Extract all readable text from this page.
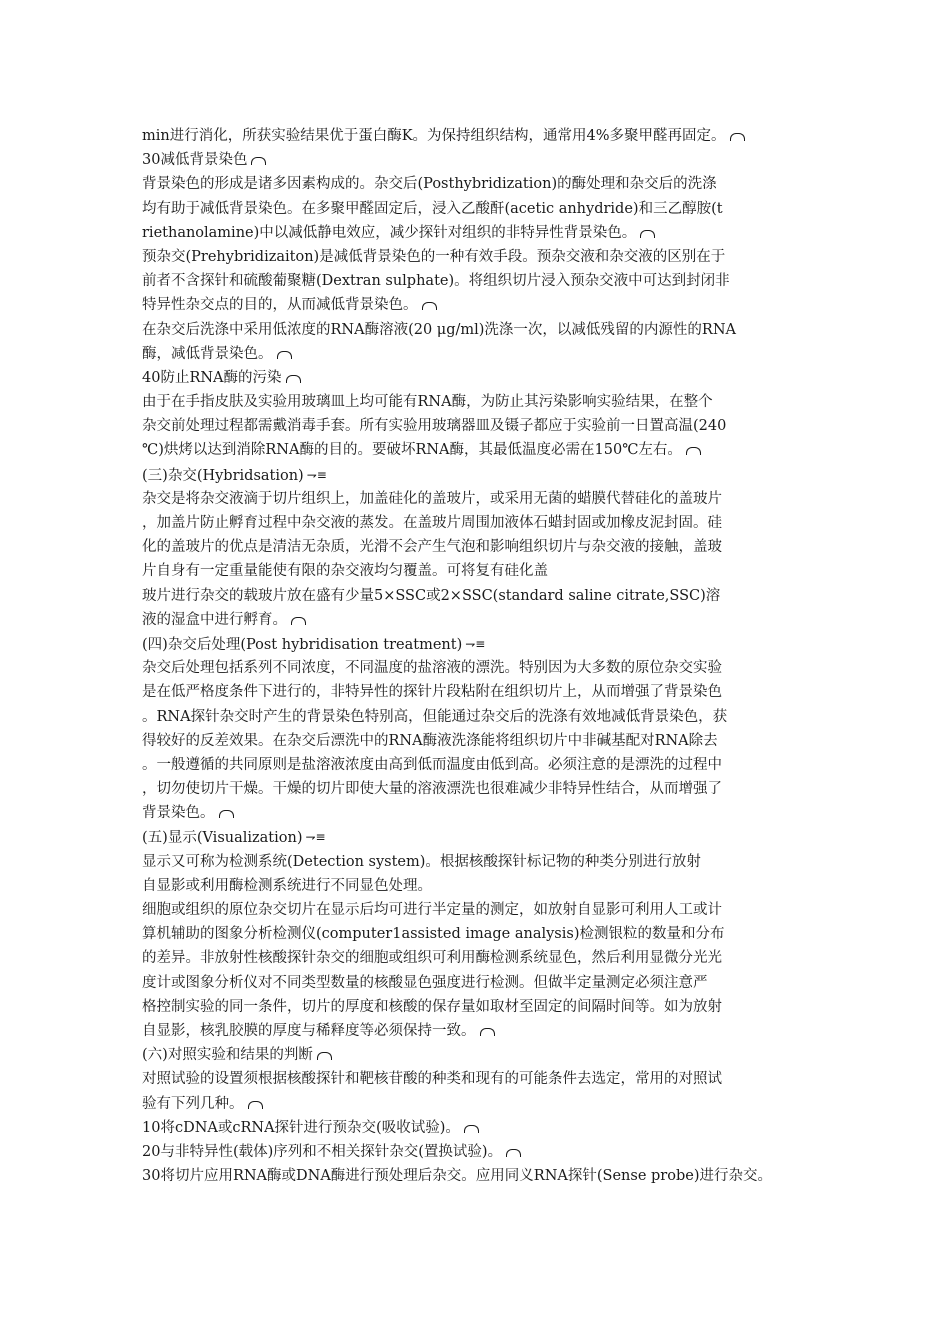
min进行消化，所获实验结果优于蛋白酶K。为保持组织结构，通常用4%多聚甲醛再固定。
30减低背景染色
背景染色的形成是诸多因素构成的。杂交后(Posthybridization)的酶处理和杂交后的洗涤
均有助于减低背景染色。在多聚甲醛固定后，浸入乙酸酐(acetic anhydride)和三乙醇胺(t
riethanolamine)中以减低静电效应，减少探针对组织的非特异性背景染色。
预杂交(Prehybridizaiton)是减低背景染色的一种有效手段。预杂交液和杂交液的区别在于
前者不含探针和硫酸葡聚糖(Dextran sulphate)。将组织切片浸入预杂交液中可达到封闭非
特异性杂交点的目的，从而减低背景染色。
在杂交后洗涤中采用低浓度的RNA酶溶液(20 μg/ml)洗涤一次，以减低残留的内源性的RNA
酶，减低背景染色。
40防止RNA酶的污染
由于在手指皮肤及实验用玻璃皿上均可能有RNA酶，为防止其污染影响实验结果，在整个
杂交前处理过程都需戴消毒手套。所有实验用玻璃器皿及镊子都应于实验前一日置高温(240
℃)烘烤以达到消除RNA酶的目的。要破坏RNA酶，其最低温度必需在150℃左右。
(三)杂交(Hybridsation) ⇁≡
杂交是将杂交液滴于切片组织上，加盖硅化的盖玻片，或采用无菌的蜡膜代替硅化的盖玻片
，加盖片防止孵育过程中杂交液的蒸发。在盖玻片周围加液体石蜡封固或加橡皮泥封固。硅
化的盖玻片的优点是清洁无杂质，光滑不会产生气泡和影响组织切片与杂交液的接触，盖玻
片自身有一定重量能使有限的杂交液均匀覆盖。可将复有硅化盖
玻片进行杂交的载玻片放在盛有少量5×SSC或2×SSC(standard saline citrate,SSC)溶
液的湿盒中进行孵育。
(四)杂交后处理(Post hybridisation treatment) ⇁≡
杂交后处理包括系列不同浓度，不同温度的盐溶液的漂洗。特别因为大多数的原位杂交实验
是在低严格度条件下进行的，非特异性的探针片段粘附在组织切片上，从而增强了背景染色
。RNA探针杂交时产生的背景染色特别高，但能通过杂交后的洗涤有效地减低背景染色，获
得较好的反差效果。在杂交后漂洗中的RNA酶液洗涤能将组织切片中非碱基配对RNA除去
。一般遵循的共同原则是盐溶液浓度由高到低而温度由低到高。必须注意的是漂洗的过程中
，切勿使切片干燥。干燥的切片即使大量的溶液漂洗也很难减少非特异性结合，从而增强了
背景染色。
(五)显示(Visualization) ⇁≡
显示又可称为检测系统(Detection system)。根据核酸探针标记物的种类分别进行放射
自显影或利用酶检测系统进行不同显色处理。
细胞或组织的原位杂交切片在显示后均可进行半定量的测定，如放射自显影可利用人工或计
算机辅助的图象分析检测仪(computer1assisted image analysis)检测银粒的数量和分布
的差异。非放射性核酸探针杂交的细胞或组织可利用酶检测系统显色，然后利用显微分光光
度计或图象分析仪对不同类型数量的核酸显色强度进行检测。但做半定量测定必须注意严
格控制实验的同一条件，切片的厚度和核酸的保存量如取材至固定的间隔时间等。如为放射
自显影，核乳胶膜的厚度与稀释度等必须保持一致。
(六)对照实验和结果的判断
对照试验的设置须根据核酸探针和靶核苷酸的种类和现有的可能条件去选定，常用的对照试
验有下列几种。
10将cDNA或cRNA探针进行预杂交(吸收试验)。
20与非特异性(载体)序列和不相关探针杂交(置换试验)。
30将切片应用RNA酶或DNA酶进行预处理后杂交。应用同义RNA探针(Sense probe)进行杂交。
